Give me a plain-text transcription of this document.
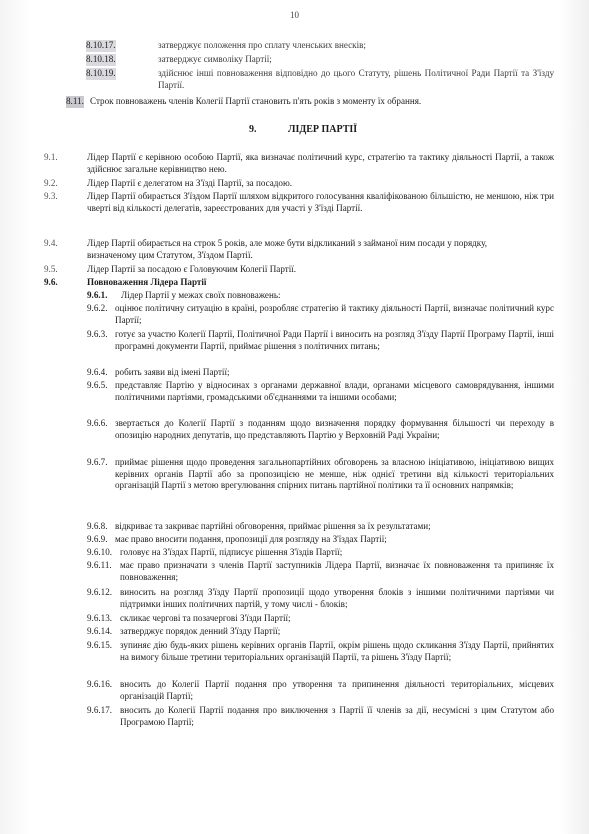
10
8.10.17.	затверджує положення про сплату членських внесків;
8.10.18.	затверджує символіку Партії;
8.10.19.	здійснює інші повноваження відповідно до цього Статуту, рішень Політичної Ради Партії та З'їзду Партії.
8.11. Строк повноважень членів Колегії Партії становить п'ять років з моменту їх обрання.
9.	ЛІДЕР ПАРТІЇ
9.1.	Лідер Партії є керівною особою Партії, яка визначає політичний курс, стратегію та тактику діяльності Партії, а також здійснює загальне керівництво нею.
9.2.	Лідер Партії є делегатом на З'їзді Партії, за посадою.
9.3.	Лідер Партії обирається З'їздом Партії шляхом відкритого голосування кваліфікованою більшістю, не меншою, ніж три чверті від кількості делегатів, зареєстрованих для участі у З'їзді Партії.
9.4.	Лідер Партії обирається на строк 5 років, але може бути відкликаний з займаної ним посади у порядку, визначеному цим Статутом, З'їздом Партії.
9.5.	Лідер Партії за посадою є Головуючим Колегії Партії.
9.6.	Повноваження Лідера Партії
9.6.1. Лідер Партії у межах своїх повноважень:
9.6.2. оцінює політичну ситуацію в країні, розробляє стратегію й тактику діяльності Партії, визначає політичний курс Партії;
9.6.3. готує за участю Колегії Партії, Політичної Ради Партії і виносить на розгляд З'їзду Партії Програму Партії, інші програмні документи Партії, приймає рішення з політичних питань;
9.6.4. робить заяви від імені Партії;
9.6.5. представляє Партію у відносинах з органами державної влади, органами місцевого самоврядування, іншими політичними партіями, громадськими об'єднаннями та іншими особами;
9.6.6. звертається до Колегії Партії з поданням щодо визначення порядку формування більшості чи переходу в опозицію народних депутатів, що представляють Партію у Верховній Раді України;
9.6.7. приймає рішення щодо проведення загальнопартійних обговорень за власною ініціативою, ініціативою вищих керівних органів Партії або за пропозицією не менше, ніж однієї третини від кількості територіальних організацій Партії з метою врегулювання спірних питань партійної політики та її основних напрямків;
9.6.8. відкриває та закриває партійні обговорення, приймає рішення за їх результатами;
9.6.9. має право вносити подання, пропозиції для розгляду на З'їздах Партії;
9.6.10. головує на З'їздах Партії, підписує рішення З'їздів Партії;
9.6.11. має право призначати з членів Партії заступників Лідера Партії, визначає їх повноваження та припиняє їх повноваження;
9.6.12. виносить на розгляд З'їзду Партії пропозиції щодо утворення блоків з іншими політичними партіями чи підтримки інших політичних партій, у тому числі - блоків;
9.6.13. скликає чергові та позачергові З'їзди Партії;
9.6.14. затверджує порядок денний З'їзду Партії;
9.6.15. зупиняє дію будь-яких рішень керівних органів Партії, окрім рішень щодо скликання З'їзду Партії, прийнятих на вимогу більше третини територіальних організацій Партії, та рішень З'їзду Партії;
9.6.16. вносить до Колегії Партії подання про утворення та припинення діяльності територіальних, місцевих організацій Партії;
9.6.17. вносить до Колегії Партії подання про виключення з Партії її членів за дії, несумісні з цим Статутом або Програмою Партії;
